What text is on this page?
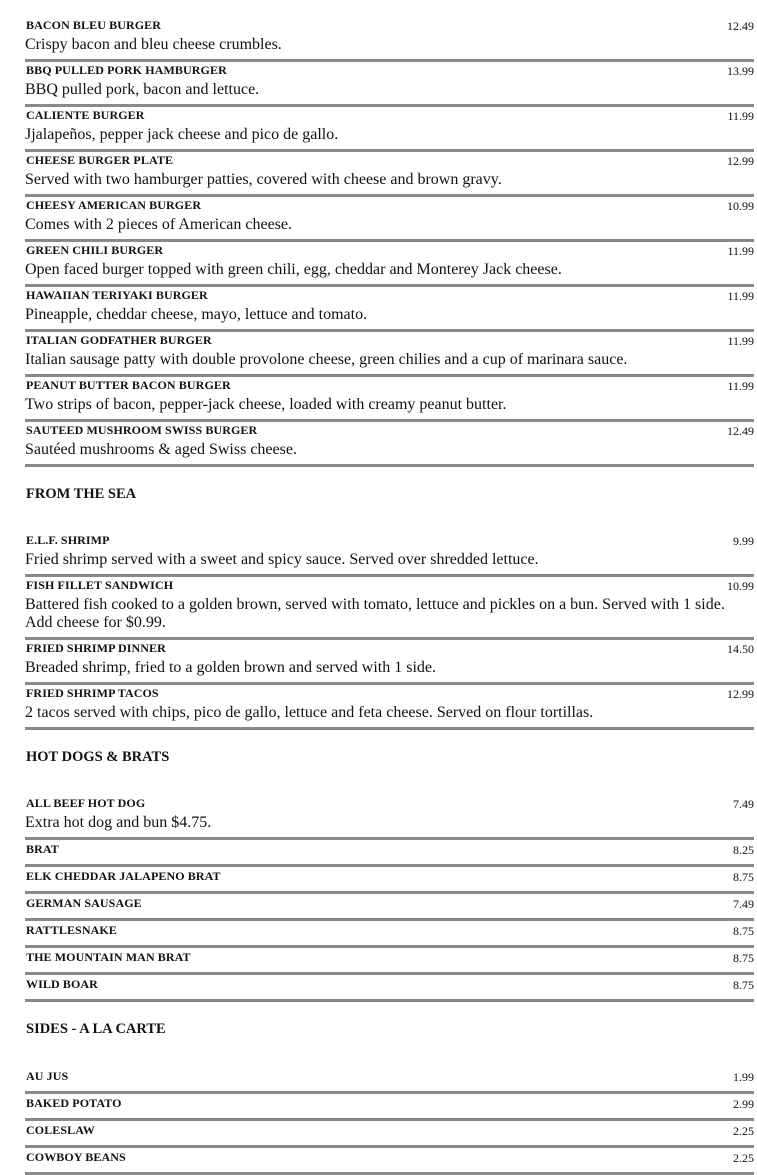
BACON BLEU BURGER	12.49
Crispy bacon and bleu cheese crumbles.
BBQ PULLED PORK HAMBURGER	13.99
BBQ pulled pork, bacon and lettuce.
CALIENTE BURGER	11.99
Jjalapeños, pepper jack cheese and pico de gallo.
CHEESE BURGER PLATE	12.99
Served with two hamburger patties, covered with cheese and brown gravy.
CHEESY AMERICAN BURGER	10.99
Comes with 2 pieces of American cheese.
GREEN CHILI BURGER	11.99
Open faced burger topped with green chili, egg, cheddar and Monterey Jack cheese.
HAWAIIAN TERIYAKI BURGER	11.99
Pineapple, cheddar cheese, mayo, lettuce and tomato.
ITALIAN GODFATHER BURGER	11.99
Italian sausage patty with double provolone cheese, green chilies and a cup of marinara sauce.
PEANUT BUTTER BACON BURGER	11.99
Two strips of bacon, pepper-jack cheese, loaded with creamy peanut butter.
SAUTEED MUSHROOM SWISS BURGER	12.49
Sautéed mushrooms & aged Swiss cheese.
FROM THE SEA
E.L.F. SHRIMP	9.99
Fried shrimp served with a sweet and spicy sauce. Served over shredded lettuce.
FISH FILLET SANDWICH	10.99
Battered fish cooked to a golden brown, served with tomato, lettuce and pickles on a bun. Served with 1 side. Add cheese for $0.99.
FRIED SHRIMP DINNER	14.50
Breaded shrimp, fried to a golden brown and served with 1 side.
FRIED SHRIMP TACOS	12.99
2 tacos served with chips, pico de gallo, lettuce and feta cheese. Served on flour tortillas.
HOT DOGS & BRATS
ALL BEEF HOT DOG	7.49
Extra hot dog and bun $4.75.
BRAT	8.25
ELK CHEDDAR JALAPENO BRAT	8.75
GERMAN SAUSAGE	7.49
RATTLESNAKE	8.75
THE MOUNTAIN MAN BRAT	8.75
WILD BOAR	8.75
SIDES - A LA CARTE
AU JUS	1.99
BAKED POTATO	2.99
COLESLAW	2.25
COWBOY BEANS	2.25
